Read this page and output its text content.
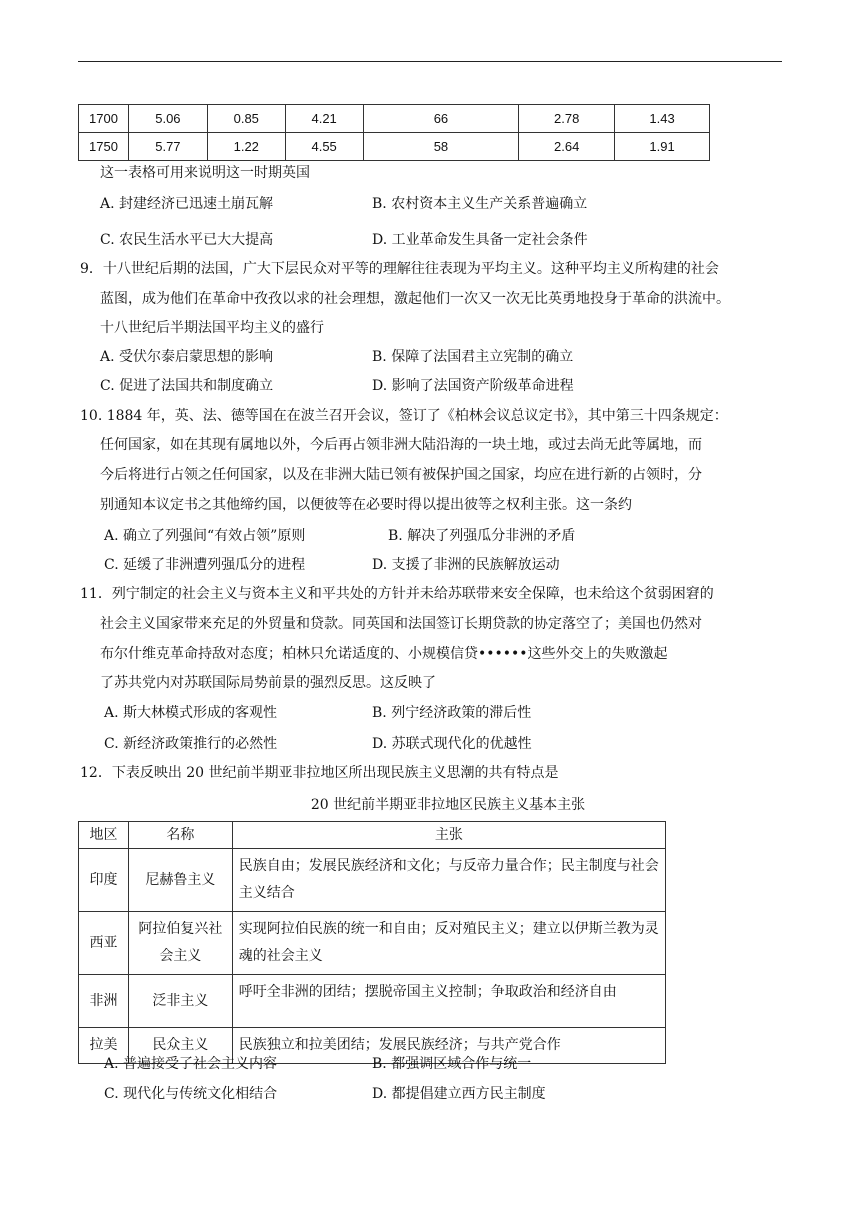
1700	5.06	0.85	4.21	66	2.78	1.43
1750	5.77	1.22	4.55	58	2.64	1.91
这一表格可用来说明这一时期英国
A. 封建经济已迅速土崩瓦解	B. 农村资本主义生产关系普遍确立
C. 农民生活水平已大大提高	D. 工业革命发生具备一定社会条件
9．十八世纪后期的法国，广大下层民众对平等的理解往往表现为平均主义。这种平均主义所构建的社会
蓝图，成为他们在革命中孜孜以求的社会理想，激起他们一次又一次无比英勇地投身于革命的洪流中。
十八世纪后半期法国平均主义的盛行
A. 受伏尔泰启蒙思想的影响	B. 保障了法国君主立宪制的确立
C. 促进了法国共和制度确立	D. 影响了法国资产阶级革命进程
10. 1884 年，英、法、德等国在在波兰召开会议，签订了《柏林会议总议定书》，其中第三十四条规定：
任何国家，如在其现有属地以外，今后再占领非洲大陆沿海的一块土地，或过去尚无此等属地，而
今后将进行占领之任何国家，以及在非洲大陆已领有被保护国之国家，均应在进行新的占领时，分
别通知本议定书之其他缔约国，以便彼等在必要时得以提出彼等之权利主张。这一条约
A. 确立了列强间“有效占领”原则	B. 解决了列强瓜分非洲的矛盾
C. 延缓了非洲遭列强瓜分的进程	D. 支援了非洲的民族解放运动
11．列宁制定的社会主义与资本主义和平共处的方针并未给苏联带来安全保障，也未给这个贫弱困窘的
社会主义国家带来充足的外贸量和贷款。同英国和法国签订长期贷款的协定落空了；美国也仍然对
布尔什维克革命持敌对态度；柏林只允诺适度的、小规模信贷••••••这些外交上的失败激起
了苏共党内对苏联国际局势前景的强烈反思。这反映了
A. 斯大林模式形成的客观性	B. 列宁经济政策的滞后性
C. 新经济政策推行的必然性	D. 苏联式现代化的优越性
12．下表反映出 20 世纪前半期亚非拉地区所出现民族主义思潮的共有特点是
20 世纪前半期亚非拉地区民族主义基本主张
地区	名称	主张
印度	尼赫鲁主义	民族自由；发展民族经济和文化；与反帝力量合作；民主制度与社会主义结合
西亚	阿拉伯复兴社会主义	实现阿拉伯民族的统一和自由；反对殖民主义；建立以伊斯兰教为灵魂的社会主义
非洲	泛非主义	呼吁全非洲的团结；摆脱帝国主义控制；争取政治和经济自由
拉美	民众主义	民族独立和拉美团结；发展民族经济；与共产党合作
A. 普遍接受了社会主义内容	B. 都强调区域合作与统一
C. 现代化与传统文化相结合	D. 都提倡建立西方民主制度
